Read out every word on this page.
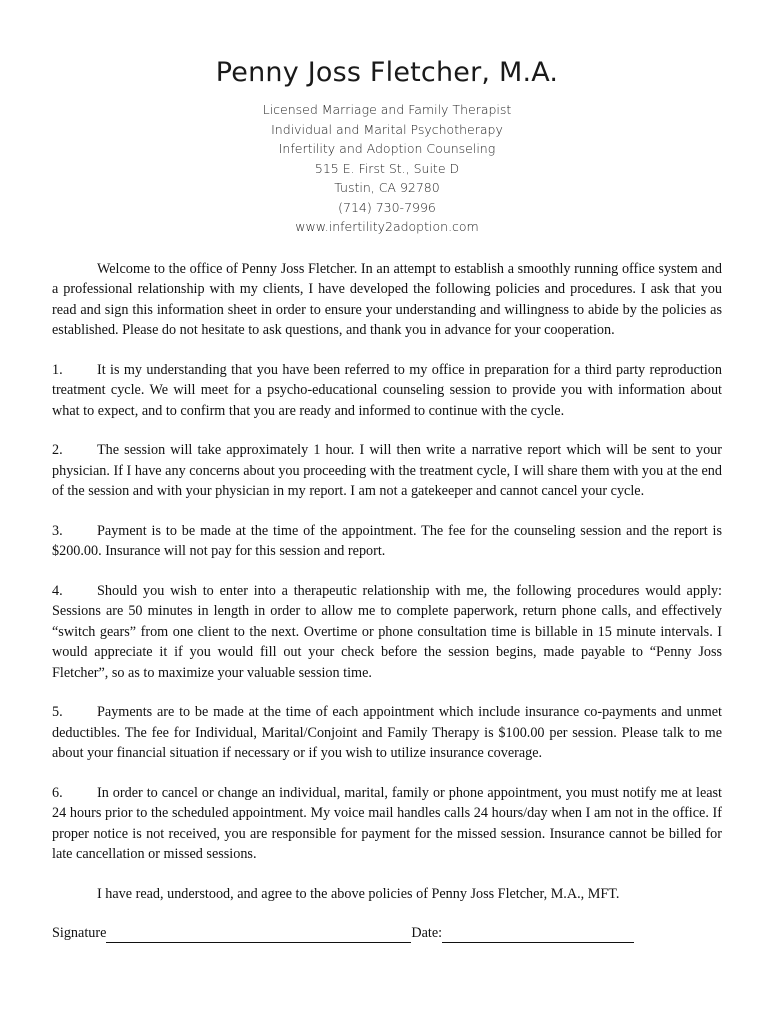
Penny Joss Fletcher, M.A.
Licensed Marriage and Family Therapist
Individual and Marital Psychotherapy
Infertility and Adoption Counseling
515 E. First St., Suite D
Tustin, CA 92780
(714) 730-7996
www.infertility2adoption.com

Welcome to the office of Penny Joss Fletcher. In an attempt to establish a smoothly running office system and a professional relationship with my clients, I have developed the following policies and procedures. I ask that you read and sign this information sheet in order to ensure your understanding and willingness to abide by the policies as established. Please do not hesitate to ask questions, and thank you in advance for your cooperation.

1. It is my understanding that you have been referred to my office in preparation for a third party reproduction treatment cycle. We will meet for a psycho-educational counseling session to provide you with information about what to expect, and to confirm that you are ready and informed to continue with the cycle.
2. The session will take approximately 1 hour. I will then write a narrative report which will be sent to your physician. If I have any concerns about you proceeding with the treatment cycle, I will share them with you at the end of the session and with your physician in my report. I am not a gatekeeper and cannot cancel your cycle.
3. Payment is to be made at the time of the appointment. The fee for the counseling session and the report is $200.00. Insurance will not pay for this session and report.
4. Should you wish to enter into a therapeutic relationship with me, the following procedures would apply: Sessions are 50 minutes in length in order to allow me to complete paperwork, return phone calls, and effectively “switch gears” from one client to the next. Overtime or phone consultation time is billable in 15 minute intervals. I would appreciate it if you would fill out your check before the session begins, made payable to “Penny Joss Fletcher”, so as to maximize your valuable session time.
5. Payments are to be made at the time of each appointment which include insurance co-payments and unmet deductibles. The fee for Individual, Marital/Conjoint and Family Therapy is $100.00 per session. Please talk to me about your financial situation if necessary or if you wish to utilize insurance coverage.
6. In order to cancel or change an individual, marital, family or phone appointment, you must notify me at least 24 hours prior to the scheduled appointment. My voice mail handles calls 24 hours/day when I am not in the office. If proper notice is not received, you are responsible for payment for the missed session. Insurance cannot be billed for late cancellation or missed sessions.

I have read, understood, and agree to the above policies of Penny Joss Fletcher, M.A., MFT.

Signature	Date:
